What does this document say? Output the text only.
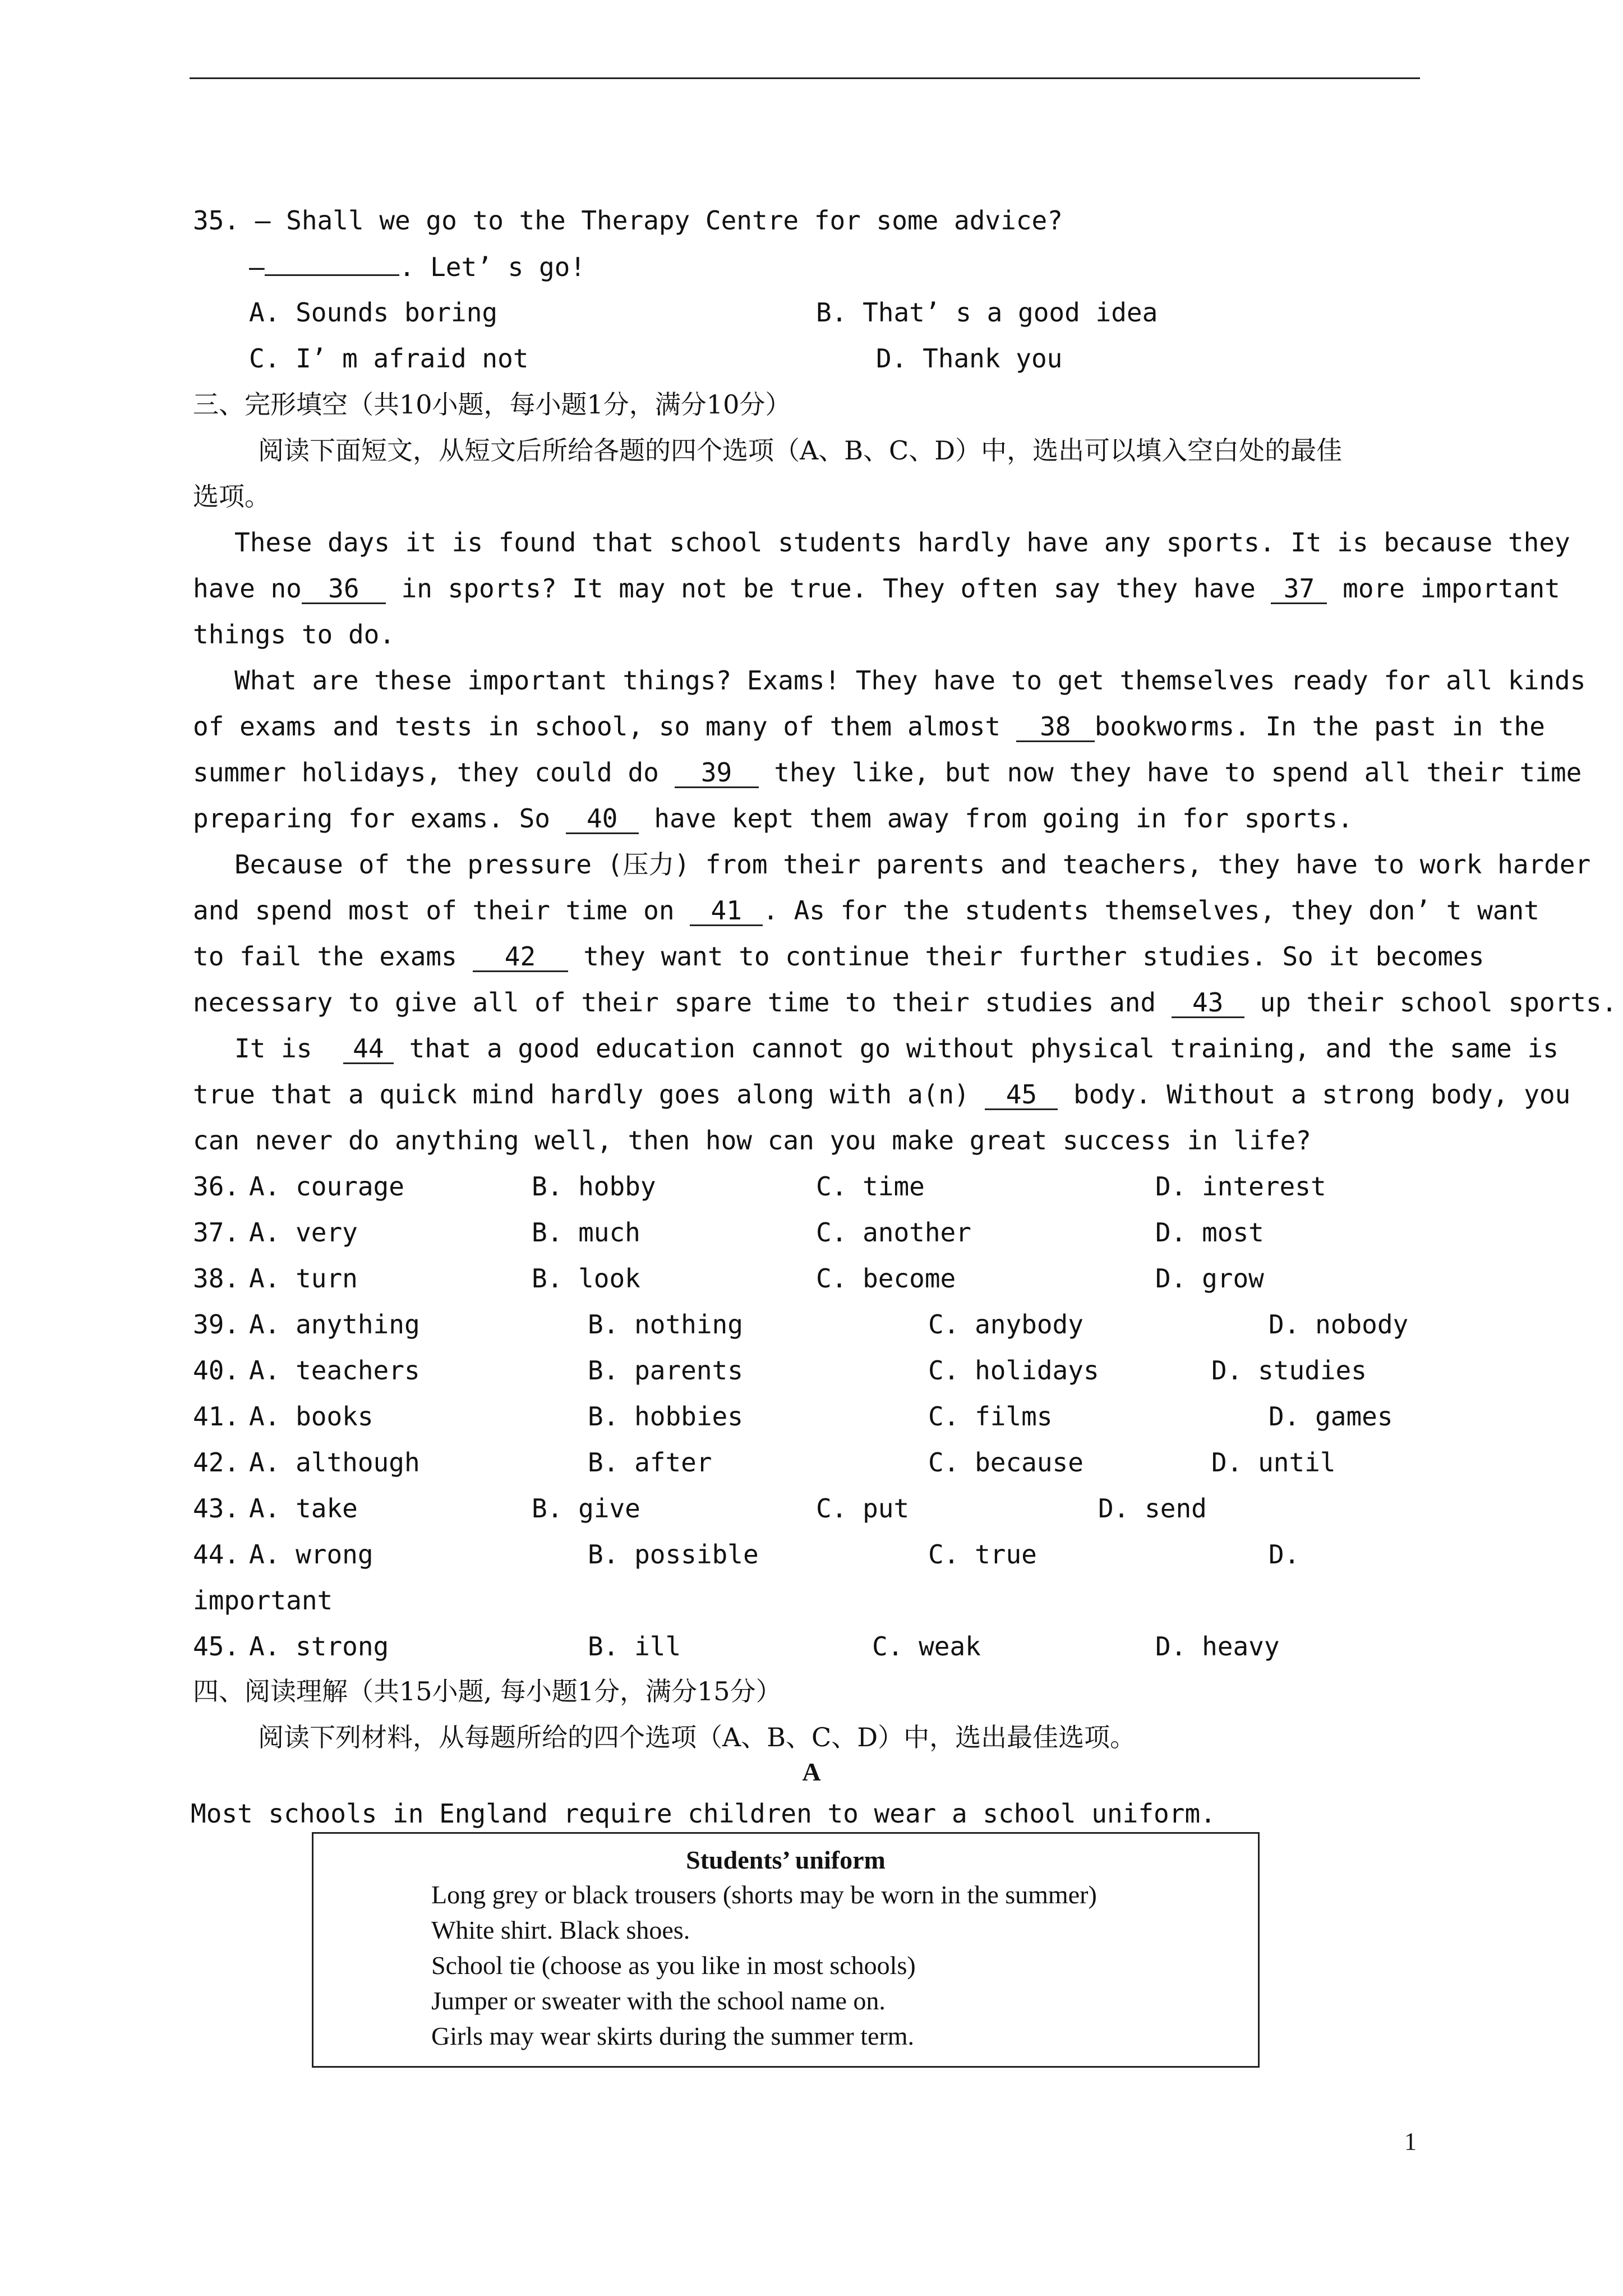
35. — Shall we go to the Therapy Centre for some advice?
—	. Let’ s go!
A. Sounds boring	B. That’ s a good idea
C. I’ m afraid not	D. Thank you
三、完形填空（共10小题，每小题1分，满分10分）
阅读下面短文，从短文后所给各题的四个选项（A、B、C、D）中，选出可以填入空白处的最佳
选项。
These days it is found that school students hardly have any sports. It is because they
have no 36 in sports? It may not be true. They often say they have 37 more important
things to do.
What are these important things? Exams! They have to get themselves ready for all kinds
of exams and tests in school, so many of them almost 38 bookworms. In the past in the
summer holidays, they could do 39 they like, but now they have to spend all their time
preparing for exams. So 40 have kept them away from going in for sports.
Because of the pressure (压力) from their parents and teachers, they have to work harder
and spend most of their time on 41 . As for the students themselves, they don’ t want
to fail the exams 42 they want to continue their further studies. So it becomes
necessary to give all of their spare time to their studies and 43 up their school sports.
It is  44 that a good education cannot go without physical training, and the same is
true that a quick mind hardly goes along with a(n) 45 body. Without a strong body, you
can never do anything well, then how can you make great success in life?
36. A. courage	B. hobby	C. time	D. interest
37. A. very	B. much	C. another	D. most
38. A. turn	B. look	C. become	D. grow
39. A. anything	B. nothing	C. anybody	D. nobody
40. A. teachers	B. parents	C. holidays	D. studies
41. A. books	B. hobbies	C. films	D. games
42. A. although	B. after	C. because	D. until
43. A. take	B. give	C. put	D. send
44. A. wrong	B. possible	C. true	D.
important
45. A. strong	B. ill	C. weak	D. heavy
四、阅读理解（共15小题, 每小题1分，满分15分）
阅读下列材料，从每题所给的四个选项（A、B、C、D）中，选出最佳选项。
A
Most schools in England require children to wear a school uniform.
Students’ uniform
Long grey or black trousers (shorts may be worn in the summer)
White shirt. Black shoes.
School tie (choose as you like in most schools)
Jumper or sweater with the school name on.
Girls may wear skirts during the summer term.
1
